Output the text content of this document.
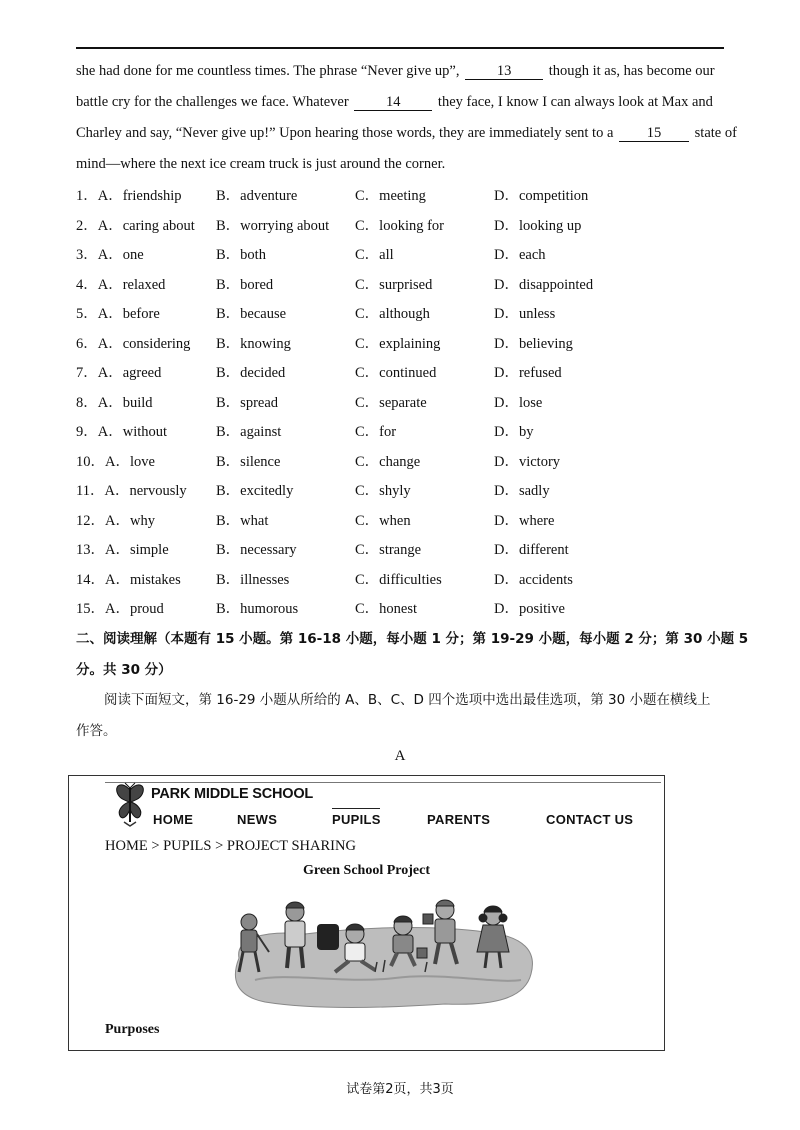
she had done for me countless times. The phrase “Never give up”, 13 though it as, has become our
battle cry for the challenges we face. Whatever 14 they face, I know I can always look at Max and
Charley and say, “Never give up!” Upon hearing those words, they are immediately sent to a 15 state of
mind—where the next ice cream truck is just around the corner.
1．A．friendship B．adventure	C．meeting	D．competition
2．A．caring about B．worrying about C．looking for	D．looking up
3．A．one	B．both	C．all	D．each
4．A．relaxed	B．bored	C．surprised	D．disappointed
5．A．before	B．because	C．although	D．unless
6．A．considering B．knowing	C．explaining	D．believing
7．A．agreed	B．decided	C．continued	D．refused
8．A．build	B．spread	C．separate	D．lose
9．A．without	B．against	C．for	D．by
10．A．love	B．silence	C．change	D．victory
11．A．nervously B．excitedly	C．shyly	D．sadly
12．A．why	B．what	C．when	D．where
13．A．simple	B．necessary	C．strange	D．different
14．A．mistakes B．illnesses	C．difficulties	D．accidents
15．A．proud	B．humorous	C．honest	D．positive
二、阅读理解（本题有 15 小题。第 16-18 小题，每小题 1 分；第 19-29 小题，每小题 2 分；第 30 小题 5
分。共 30 分）
阅读下面短文，第 16-29 小题从所给的 A、B、C、D 四个选项中选出最佳选项，第 30 小题在横线上
作答。
A
PARK MIDDLE SCHOOL
HOME	NEWS	PUPILS	PARENTS	CONTACT US
HOME > PUPILS > PROJECT SHARING
Green School Project
Purposes
试卷第2页，共3页
